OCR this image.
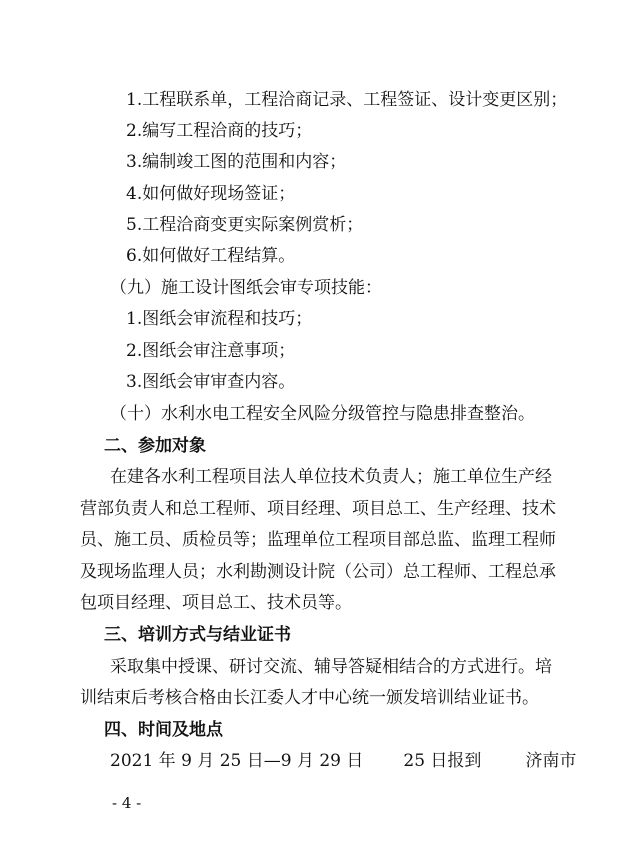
1.工程联系单，工程洽商记录、工程签证、设计变更区别；
2.编写工程洽商的技巧；
3.编制竣工图的范围和内容；
4.如何做好现场签证；
5.工程洽商变更实际案例赏析；
6.如何做好工程结算。
（九）施工设计图纸会审专项技能：
1.图纸会审流程和技巧；
2.图纸会审注意事项；
3.图纸会审审查内容。
（十）水利水电工程安全风险分级管控与隐患排查整治。
二、参加对象
在建各水利工程项目法人单位技术负责人；施工单位生产经
营部负责人和总工程师、项目经理、项目总工、生产经理、技术
员、施工员、质检员等；监理单位工程项目部总监、监理工程师
及现场监理人员；水利勘测设计院（公司）总工程师、工程总承
包项目经理、项目总工、技术员等。
三、培训方式与结业证书
采取集中授课、研讨交流、辅导答疑相结合的方式进行。培
训结束后考核合格由长江委人才中心统一颁发培训结业证书。
四、时间及地点
2021 年 9 月 25 日—9 月 29 日 25 日报到	济南市
- 4 -
